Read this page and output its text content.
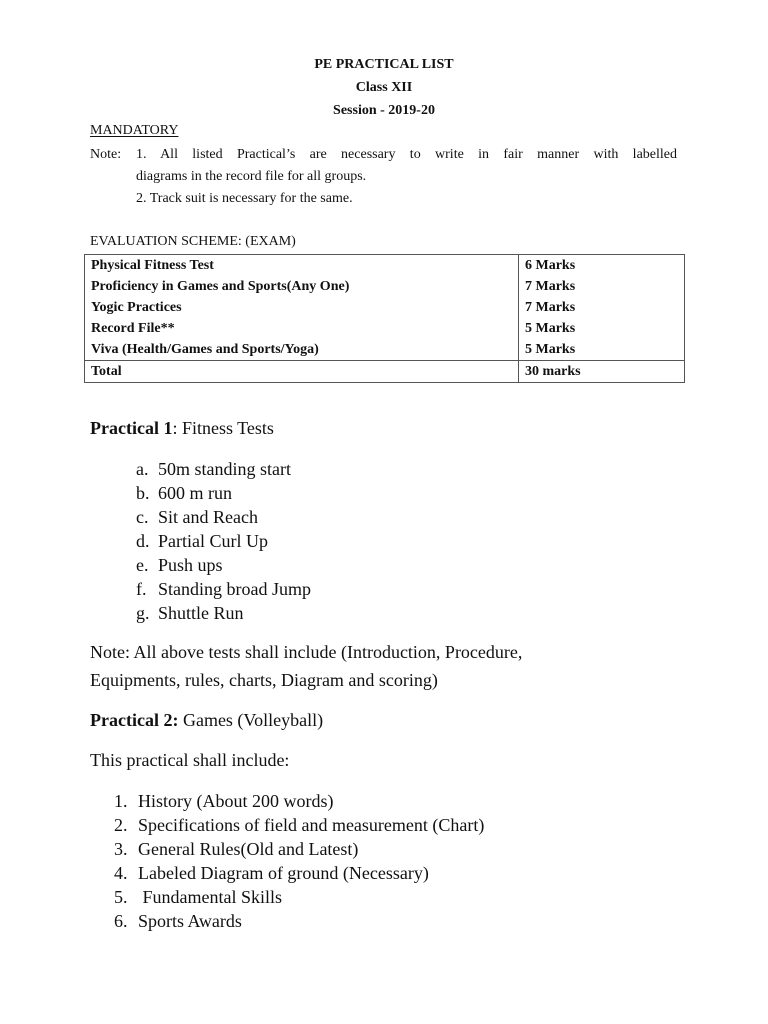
PE PRACTICAL LIST
Class XII
Session - 2019-20
MANDATORY
Note: 1. All listed Practical’s are necessary to write in fair manner with labelled
diagrams in the record file for all groups.
2. Track suit is necessary for the same.
EVALUATION SCHEME: (EXAM)
Physical Fitness Test	6 Marks
Proficiency in Games and Sports(Any One)	7 Marks
Yogic Practices	7 Marks
Record File**	5 Marks
Viva (Health/Games and Sports/Yoga)	5 Marks
Total	30 marks
Practical 1: Fitness Tests
a. 50m standing start
b. 600 m run
c. Sit and Reach
d. Partial Curl Up
e. Push ups
f. Standing broad Jump
g. Shuttle Run
Note: All above tests shall include (Introduction, Procedure,
Equipments, rules, charts, Diagram and scoring)
Practical 2: Games (Volleyball)
This practical shall include:
1. History (About 200 words)
2. Specifications of field and measurement (Chart)
3. General Rules(Old and Latest)
4. Labeled Diagram of ground (Necessary)
5. Fundamental Skills
6. Sports Awards
